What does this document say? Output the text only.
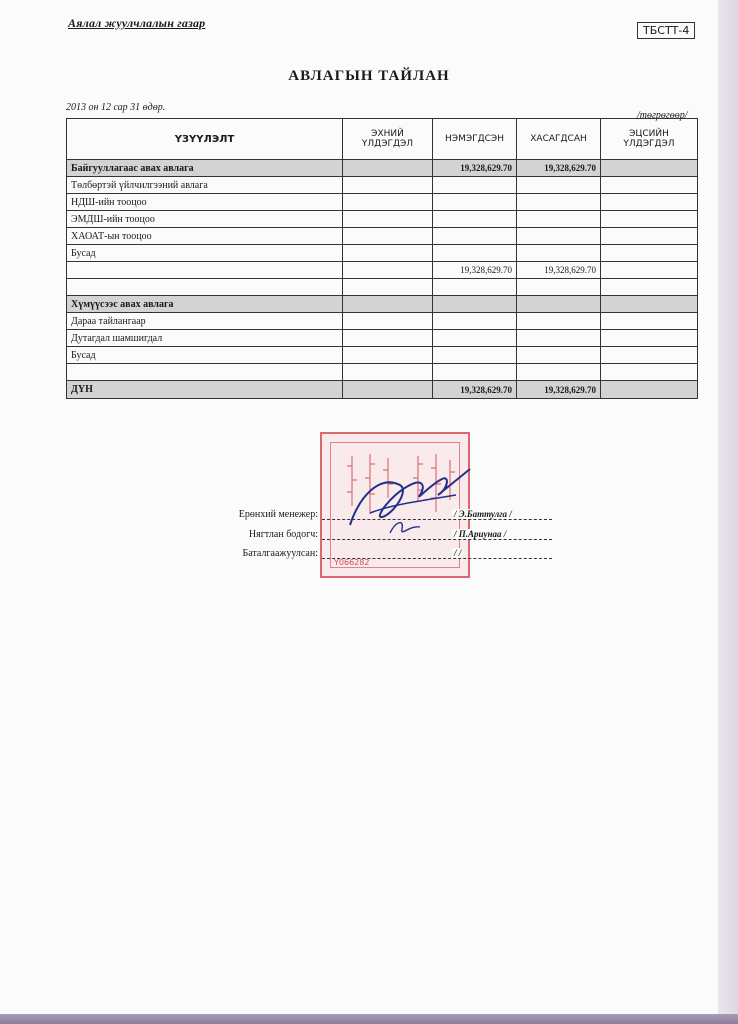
Аялал жуулчлалын газар
ТБСТТ-4
АВЛАГЫН ТАЙЛАН
2013 он 12 сар 31 өдөр.
/төгрөгөөр/
ҮЗҮҮЛЭЛТ	ЭХНИЙ ҮЛДЭГДЭЛ	НЭМЭГДСЭН	ХАСАГДСАН	ЭЦСИЙН ҮЛДЭГДЭЛ
Байгууллагаас авах авлага		19,328,629.70	19,328,629.70	
Төлбөртэй үйлчилгээний авлага				
НДШ-ийн тооцоо				
ЭМДШ-ийн тооцоо				
ХАОАТ-ын тооцоо				
Бусад				
		19,328,629.70	19,328,629.70	

Хүмүүсээс авах авлага				
Дараа тайлангаар				
Дутагдал шамшигдал				
Бусад				

ДҮН		19,328,629.70	19,328,629.70	
Ү066282
Ерөнхий менежер:	/ Э.Баттулга /
Нягтлан бодогч:	/ П.Ариунаа /
Баталгаажуулсан:	/ /
